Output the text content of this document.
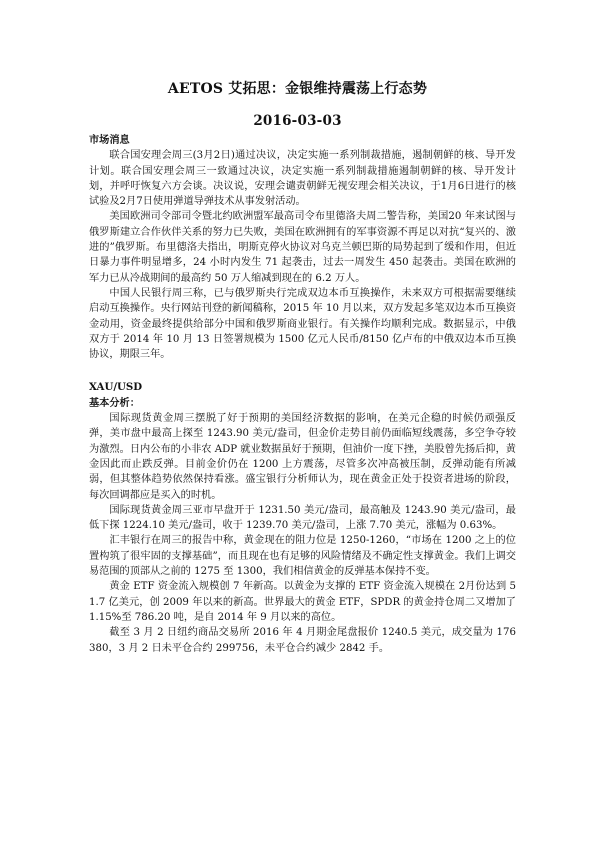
AETOS 艾拓思：金银维持震荡上行态势
2016-03-03

市场消息

联合国安理会周三(3月2日)通过决议，决定实施一系列制裁措施，遏制朝鲜的核、导开发计划。联合国安理会周三一致通过决议，决定实施一系列制裁措施遏制朝鲜的核、导开发计划，并呼吁恢复六方会谈。决议说，安理会谴责朝鲜无视安理会相关决议，于1月6日进行的核试验及2月7日使用弹道导弹技术从事发射活动。

美国欧洲司令部司令暨北约欧洲盟军最高司令布里德洛夫周二警告称，美国20 年来试图与俄罗斯建立合作伙伴关系的努力已失败，美国在欧洲拥有的军事资源不再足以对抗“复兴的、激进的”俄罗斯。布里德洛夫指出，明斯克停火协议对乌克兰顿巴斯的局势起到了缓和作用，但近日暴力事件明显增多，24 小时内发生 71 起袭击，过去一周发生 450 起袭击。美国在欧洲的军力已从冷战期间的最高约 50 万人缩减到现在的 6.2 万人。

中国人民银行周三称，已与俄罗斯央行完成双边本币互换操作，未来双方可根据需要继续启动互换操作。央行网站刊登的新闻稿称，2015 年 10 月以来，双方发起多笔双边本币互换资金动用，资金最终提供给部分中国和俄罗斯商业银行。有关操作均顺利完成。数据显示，中俄双方于 2014 年 10 月 13 日签署规模为 1500 亿元人民币/8150 亿卢布的中俄双边本币互换协议，期限三年。

XAU/USD

基本分析：

国际现货黄金周三摆脱了好于预期的美国经济数据的影响，在美元企稳的时候仍顽强反弹，美市盘中最高上探至 1243.90 美元/盎司，但金价走势目前仍面临短线震荡，多空争夺较为激烈。日内公布的小非农 ADP 就业数据虽好于预期，但油价一度下挫，美股曾先扬后抑，黄金因此而止跌反弹。目前金价仍在 1200 上方震荡，尽管多次冲高被压制，反弹动能有所减弱，但其整体趋势依然保持看涨。盛宝银行分析师认为，现在黄金正处于投资者进场的阶段，每次回调都应是买入的时机。

国际现货黄金周三亚市早盘开于 1231.50 美元/盎司，最高触及 1243.90 美元/盎司，最低下探 1224.10 美元/盎司，收于 1239.70 美元/盎司，上涨 7.70 美元，涨幅为 0.63%。

汇丰银行在周三的报告中称，黄金现在的阻力位是 1250-1260，“市场在 1200 之上的位置构筑了很牢固的支撑基础”，而且现在也有足够的风险情绪及不确定性支撑黄金。我们上调交易范围的顶部从之前的 1275 至 1300，我们相信黄金的反弹基本保持不变。

黄金 ETF 资金流入规模创 7 年新高。以黄金为支撑的 ETF 资金流入规模在 2月份达到 51.7 亿美元，创 2009 年以来的新高。世界最大的黄金 ETF，SPDR 的黄金持仓周二又增加了 1.15%至 786.20 吨，是自 2014 年 9 月以来的高位。

截至 3 月 2 日纽约商品交易所 2016 年 4 月期金尾盘报价 1240.5 美元，成交量为 176380，3 月 2 日未平仓合约 299756，未平仓合约减少 2842 手。
